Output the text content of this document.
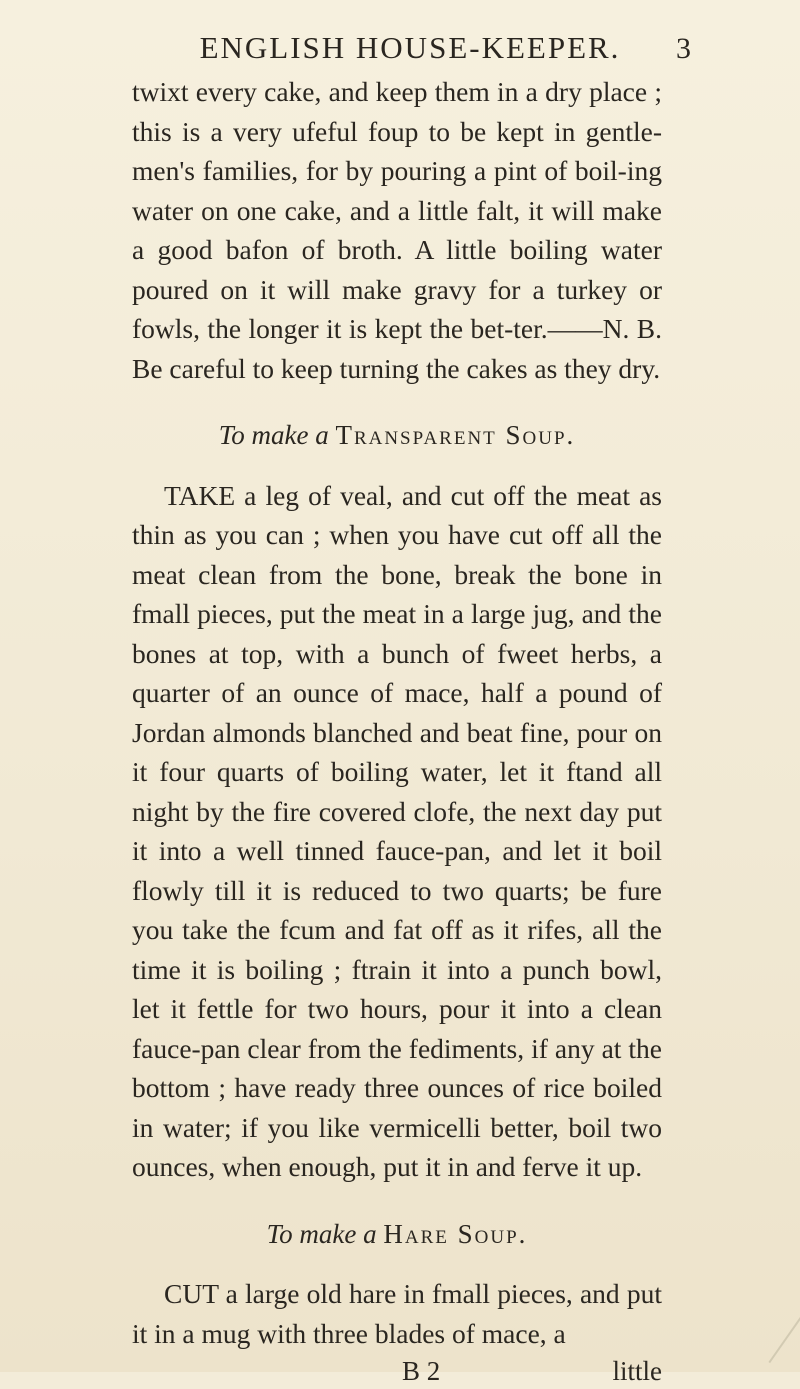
ENGLISH HOUSE-KEEPER.	3

twixt every cake, and keep them in a dry place ; this is a very ufeful foup to be kept in gentle-men's families, for by pouring a pint of boil-ing water on one cake, and a little falt, it will make a good bafon of broth. A little boiling water poured on it will make gravy for a turkey or fowls, the longer it is kept the bet-ter.——N. B. Be careful to keep turning the cakes as they dry.

To make a Transparent Soup.

TAKE a leg of veal, and cut off the meat as thin as you can ; when you have cut off all the meat clean from the bone, break the bone in fmall pieces, put the meat in a large jug, and the bones at top, with a bunch of fweet herbs, a quarter of an ounce of mace, half a pound of Jordan almonds blanched and beat fine, pour on it four quarts of boiling water, let it ftand all night by the fire covered clofe, the next day put it into a well tinned fauce-pan, and let it boil flowly till it is reduced to two quarts; be fure you take the fcum and fat off as it rifes, all the time it is boiling ; ftrain it into a punch bowl, let it fettle for two hours, pour it into a clean fauce-pan clear from the fediments, if any at the bottom ; have ready three ounces of rice boiled in water; if you like vermicelli better, boil two ounces, when enough, put it in and ferve it up.

To make a Hare Soup.

CUT a large old hare in fmall pieces, and put it in a mug with three blades of mace, a

B 2	little
